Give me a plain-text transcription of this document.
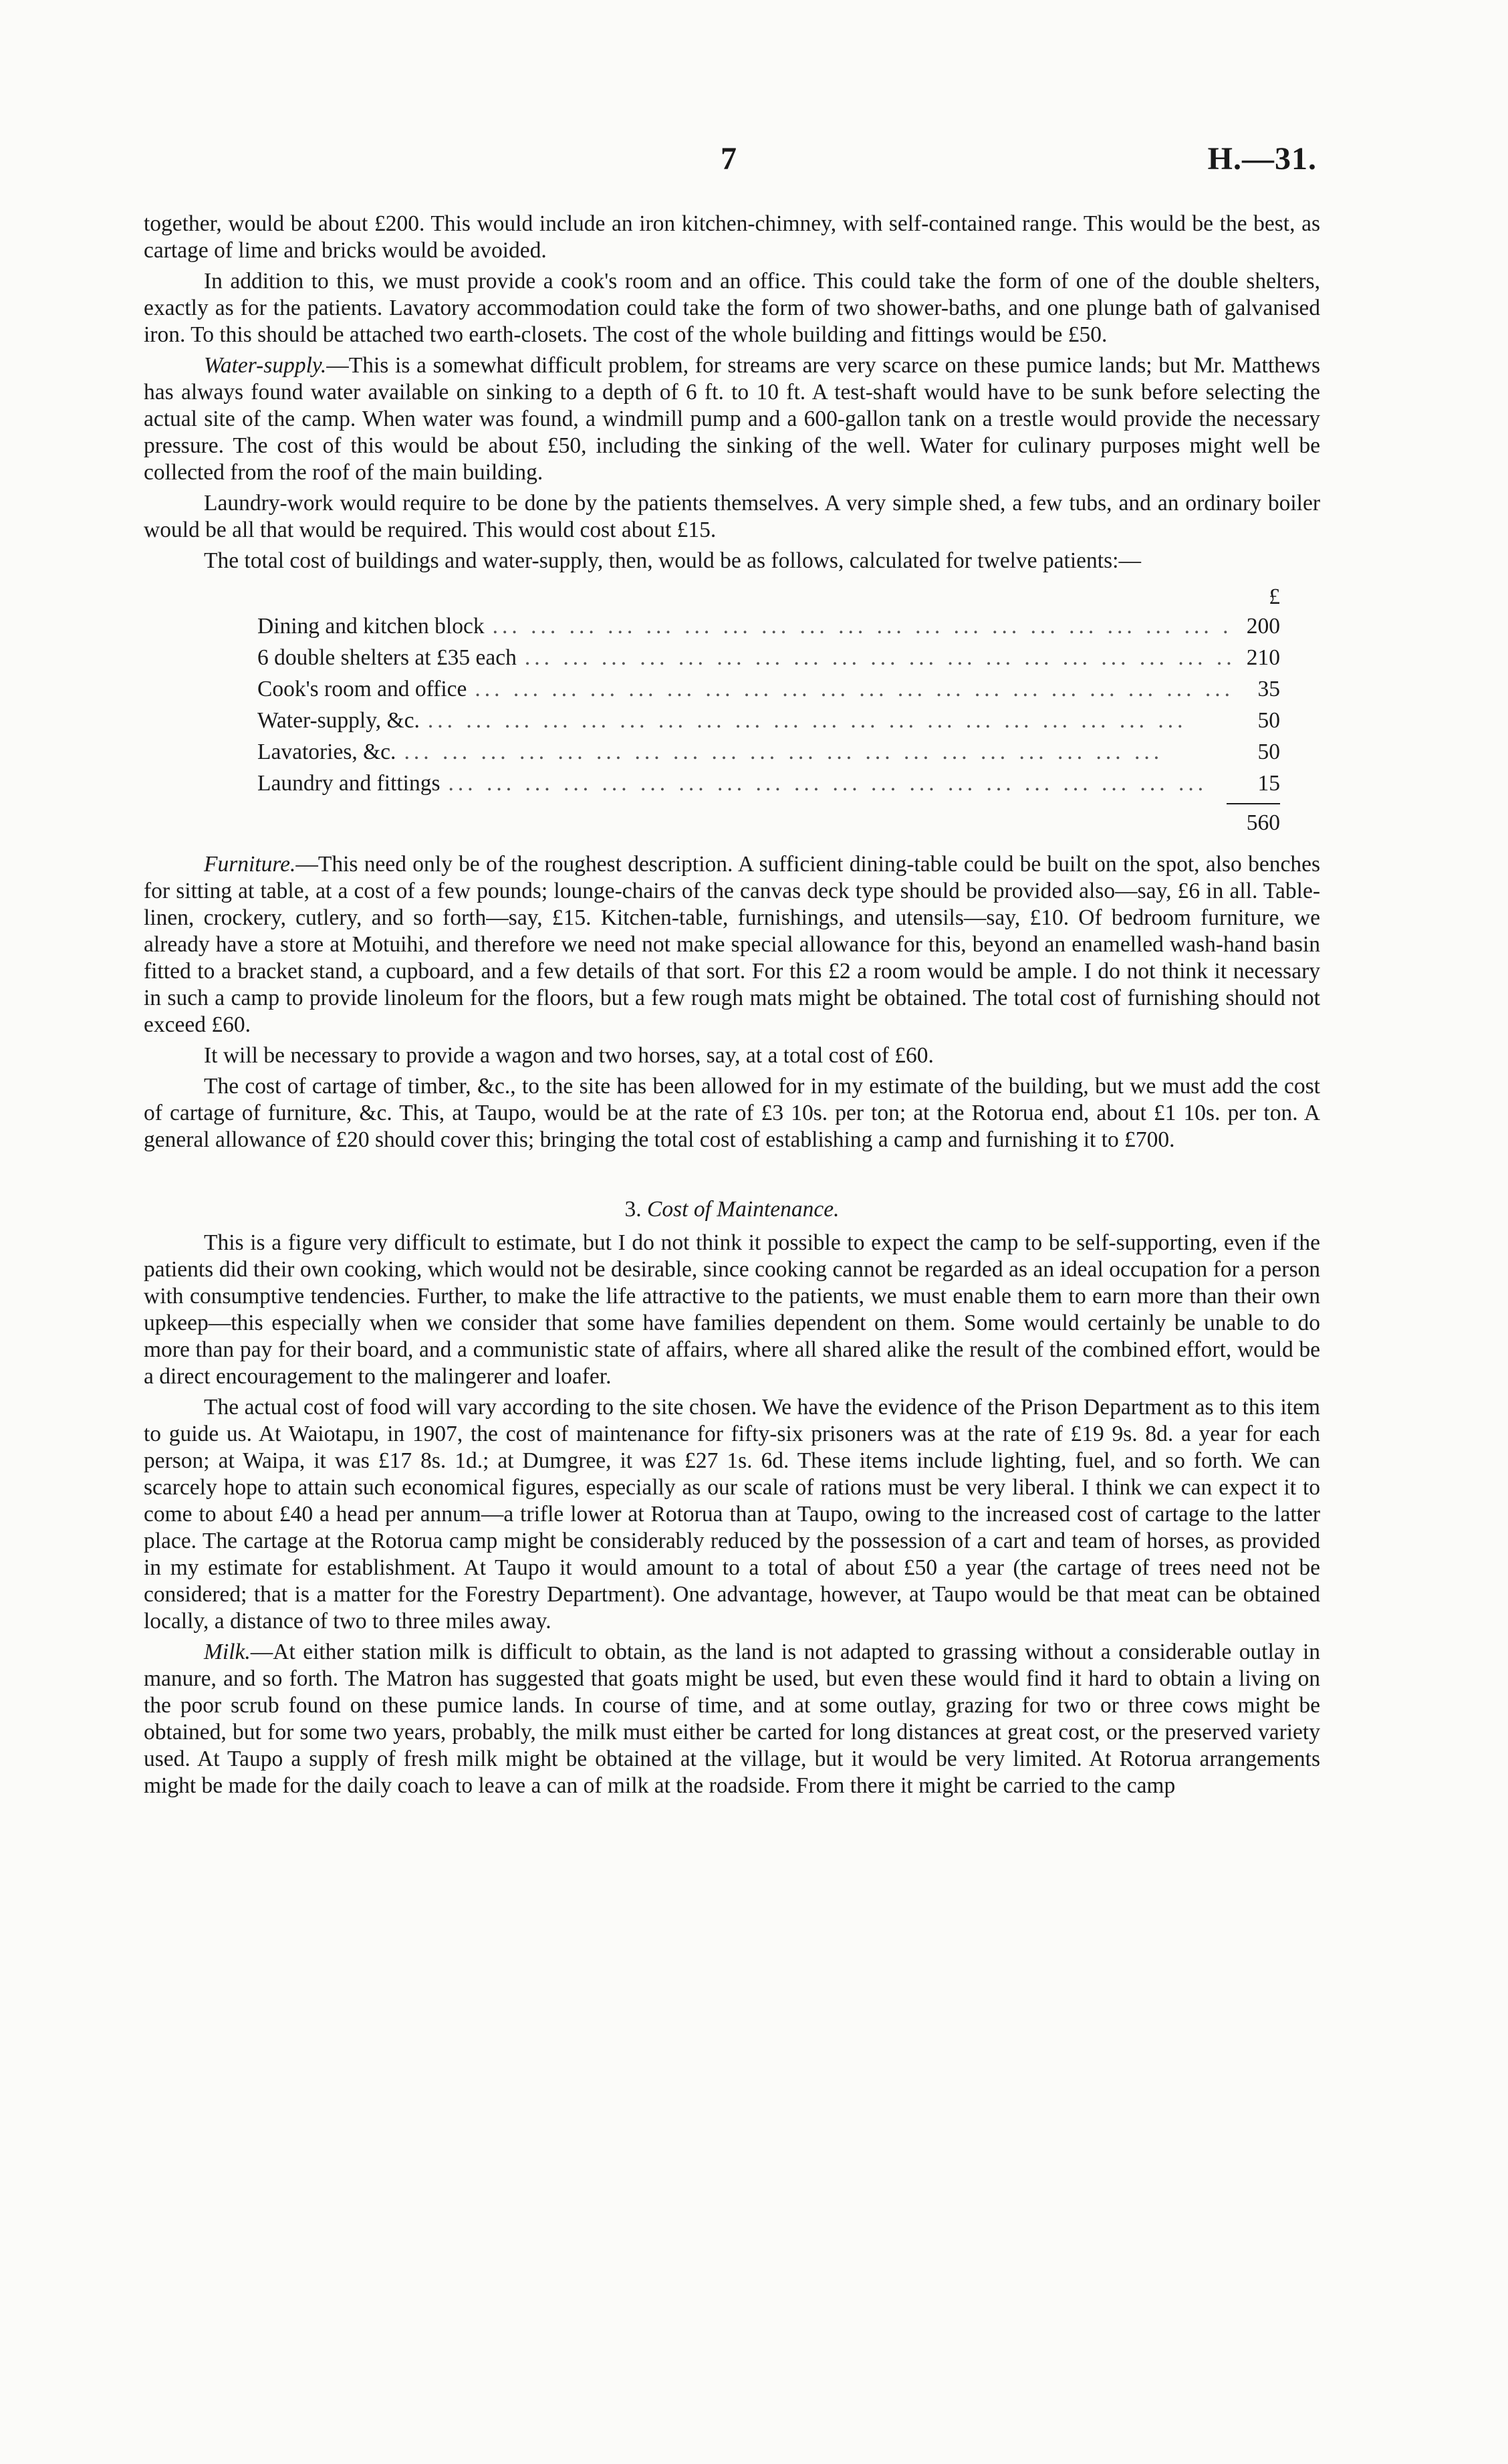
7	H.—31.

together, would be about £200. This would include an iron kitchen-chimney, with self-contained range. This would be the best, as cartage of lime and bricks would be avoided.

In addition to this, we must provide a cook's room and an office. This could take the form of one of the double shelters, exactly as for the patients. Lavatory accommodation could take the form of two shower-baths, and one plunge bath of galvanised iron. To this should be attached two earth-closets. The cost of the whole building and fittings would be £50.

Water-supply.—This is a somewhat difficult problem, for streams are very scarce on these pumice lands; but Mr. Matthews has always found water available on sinking to a depth of 6 ft. to 10 ft. A test-shaft would have to be sunk before selecting the actual site of the camp. When water was found, a windmill pump and a 600-gallon tank on a trestle would provide the necessary pressure. The cost of this would be about £50, including the sinking of the well. Water for culinary purposes might well be collected from the roof of the main building.

Laundry-work would require to be done by the patients themselves. A very simple shed, a few tubs, and an ordinary boiler would be all that would be required. This would cost about £15.

The total cost of buildings and water-supply, then, would be as follows, calculated for twelve patients:—

£
Dining and kitchen block ...	200
6 double shelters at £35 each ...	210
Cook's room and office ...	35
Water-supply, &c. ...	50
Lavatories, &c. ...	50
Laundry and fittings ...	15
560

Furniture.—This need only be of the roughest description. A sufficient dining-table could be built on the spot, also benches for sitting at table, at a cost of a few pounds; lounge-chairs of the canvas deck type should be provided also—say, £6 in all. Table-linen, crockery, cutlery, and so forth—say, £15. Kitchen-table, furnishings, and utensils—say, £10. Of bedroom furniture, we already have a store at Motuihi, and therefore we need not make special allowance for this, beyond an enamelled wash-hand basin fitted to a bracket stand, a cupboard, and a few details of that sort. For this £2 a room would be ample. I do not think it necessary in such a camp to provide linoleum for the floors, but a few rough mats might be obtained. The total cost of furnishing should not exceed £60.

It will be necessary to provide a wagon and two horses, say, at a total cost of £60.

The cost of cartage of timber, &c., to the site has been allowed for in my estimate of the building, but we must add the cost of cartage of furniture, &c. This, at Taupo, would be at the rate of £3 10s. per ton; at the Rotorua end, about £1 10s. per ton. A general allowance of £20 should cover this; bringing the total cost of establishing a camp and furnishing it to £700.

3. Cost of Maintenance.

This is a figure very difficult to estimate, but I do not think it possible to expect the camp to be self-supporting, even if the patients did their own cooking, which would not be desirable, since cooking cannot be regarded as an ideal occupation for a person with consumptive tendencies. Further, to make the life attractive to the patients, we must enable them to earn more than their own upkeep—this especially when we consider that some have families dependent on them. Some would certainly be unable to do more than pay for their board, and a communistic state of affairs, where all shared alike the result of the combined effort, would be a direct encouragement to the malingerer and loafer.

The actual cost of food will vary according to the site chosen. We have the evidence of the Prison Department as to this item to guide us. At Waiotapu, in 1907, the cost of maintenance for fifty-six prisoners was at the rate of £19 9s. 8d. a year for each person; at Waipa, it was £17 8s. 1d.; at Dumgree, it was £27 1s. 6d. These items include lighting, fuel, and so forth. We can scarcely hope to attain such economical figures, especially as our scale of rations must be very liberal. I think we can expect it to come to about £40 a head per annum—a trifle lower at Rotorua than at Taupo, owing to the increased cost of cartage to the latter place. The cartage at the Rotorua camp might be considerably reduced by the possession of a cart and team of horses, as provided in my estimate for establishment. At Taupo it would amount to a total of about £50 a year (the cartage of trees need not be considered; that is a matter for the Forestry Department). One advantage, however, at Taupo would be that meat can be obtained locally, a distance of two to three miles away.

Milk.—At either station milk is difficult to obtain, as the land is not adapted to grassing without a considerable outlay in manure, and so forth. The Matron has suggested that goats might be used, but even these would find it hard to obtain a living on the poor scrub found on these pumice lands. In course of time, and at some outlay, grazing for two or three cows might be obtained, but for some two years, probably, the milk must either be carted for long distances at great cost, or the preserved variety used. At Taupo a supply of fresh milk might be obtained at the village, but it would be very limited. At Rotorua arrangements might be made for the daily coach to leave a can of milk at the roadside. From there it might be carried to the camp
